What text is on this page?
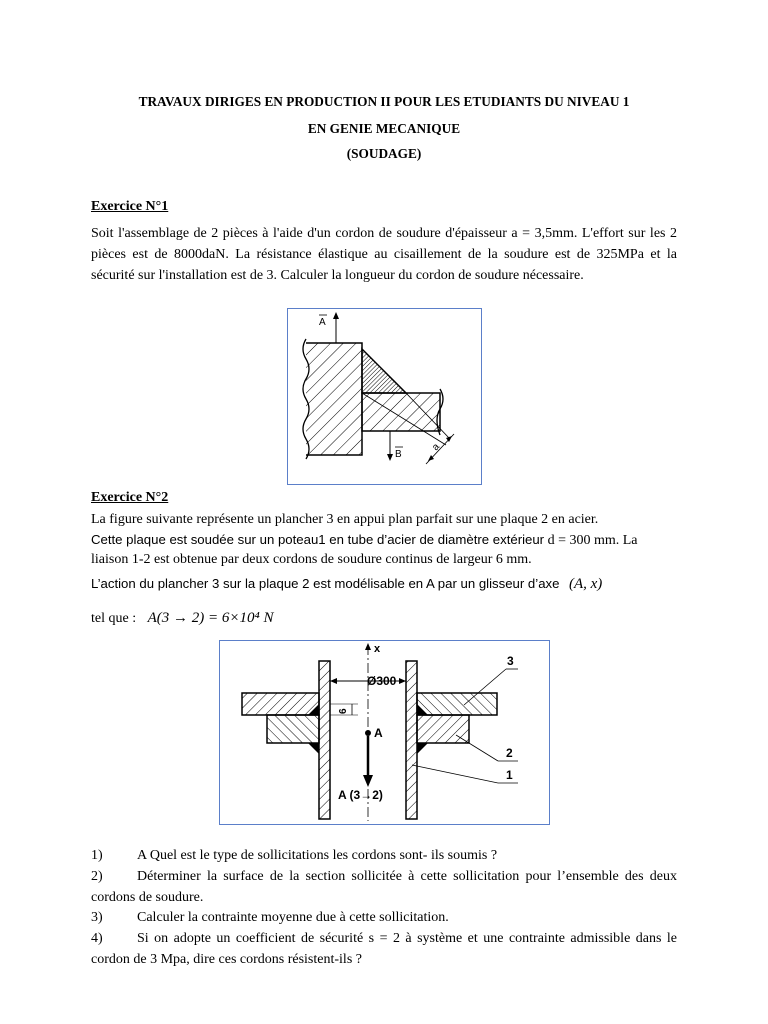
TRAVAUX DIRIGES EN PRODUCTION II POUR LES ETUDIANTS DU NIVEAU 1
EN GENIE MECANIQUE
(SOUDAGE)
Exercice N°1
Soit l'assemblage de 2 pièces à l'aide d'un cordon de soudure d'épaisseur a = 3,5mm. L'effort sur les 2 pièces est de 8000daN. La résistance élastique au cisaillement de la soudure est de 325MPa et la sécurité sur l'installation est de 3. Calculer la longueur du cordon de soudure nécessaire.
a
A
B
Exercice N°2
La figure suivante représente un plancher 3 en appui plan parfait sur une plaque 2 en acier.
Cette plaque est soudée sur un poteau1 en tube d’acier de diamètre extérieur d = 300 mm. La
liaison 1-2 est obtenue par deux cordons de soudure continus de largeur 6 mm.
L’action du plancher 3 sur la plaque 2 est modélisable en A par un glisseur d’axe (A, x)
tel que : A(3 → 2) = 6×10⁴ N
x
Ø300
6
A
A (3→2)
3
2
1
1) A Quel est le type de sollicitations les cordons sont- ils soumis ?
2) Déterminer la surface de la section sollicitée à cette sollicitation pour l’ensemble des deux cordons de soudure.
3) Calculer la contrainte moyenne due à cette sollicitation.
4) Si on adopte un coefficient de sécurité s = 2 à système et une contrainte admissible dans le cordon de 3 Mpa, dire ces cordons résistent-ils ?
